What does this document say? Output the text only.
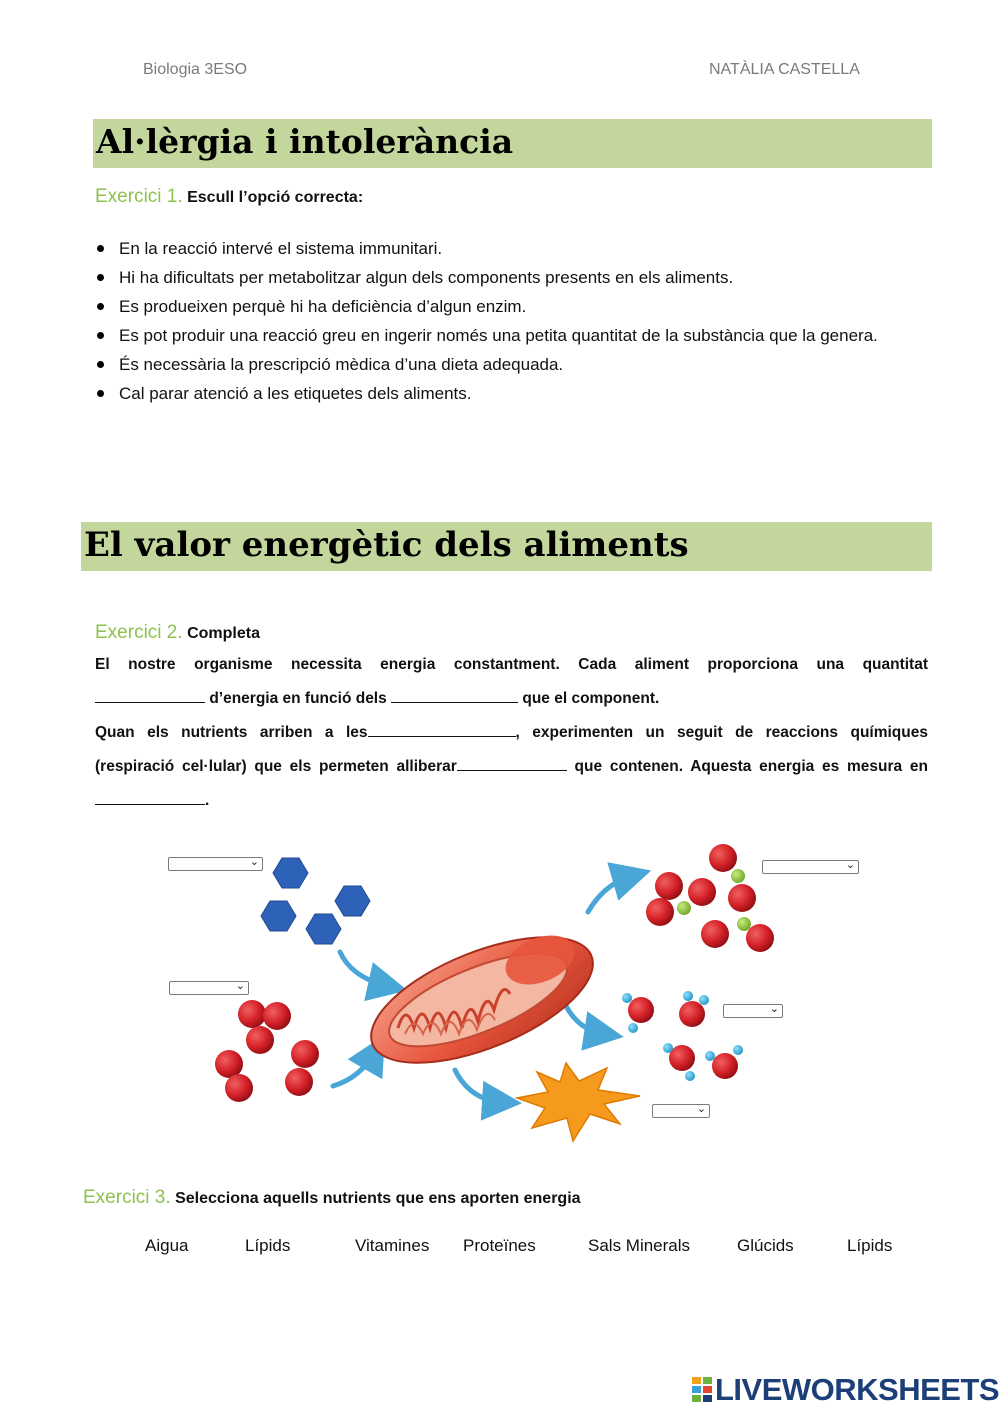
Biologia 3ESO	NATÀLIA CASTELLA
Al·lèrgia i intolerància
Exercici 1. Escull l’opció correcta:
En la reacció intervé el sistema immunitari.
Hi ha dificultats per metabolitzar algun dels components presents en els aliments.
Es produeixen perquè hi ha deficiència d’algun enzim.
Es pot produir una reacció greu en ingerir només una petita quantitat de la substància que la genera.
És necessària la prescripció mèdica d’una dieta adequada.
Cal parar atenció a les etiquetes dels aliments.
El valor energètic dels aliments
Exercici 2. Completa
El nostre organisme necessita energia constantment. Cada aliment proporciona una quantitat
d’energia en funció dels	que el component.
Quan els nutrients arriben a les	, experimenten un seguit de reaccions químiques
(respiració cel·lular) que els permeten alliberar	que contenen. Aquesta energia es mesura en
.
⌄	⌄
⌄
⌄
⌄
Exercici 3. Selecciona aquells nutrients que ens aporten energia
Aigua	Lípids	Vitamines Proteïnes	Sals Minerals	Glúcids	Lípids
LIVEWORKSHEETS
